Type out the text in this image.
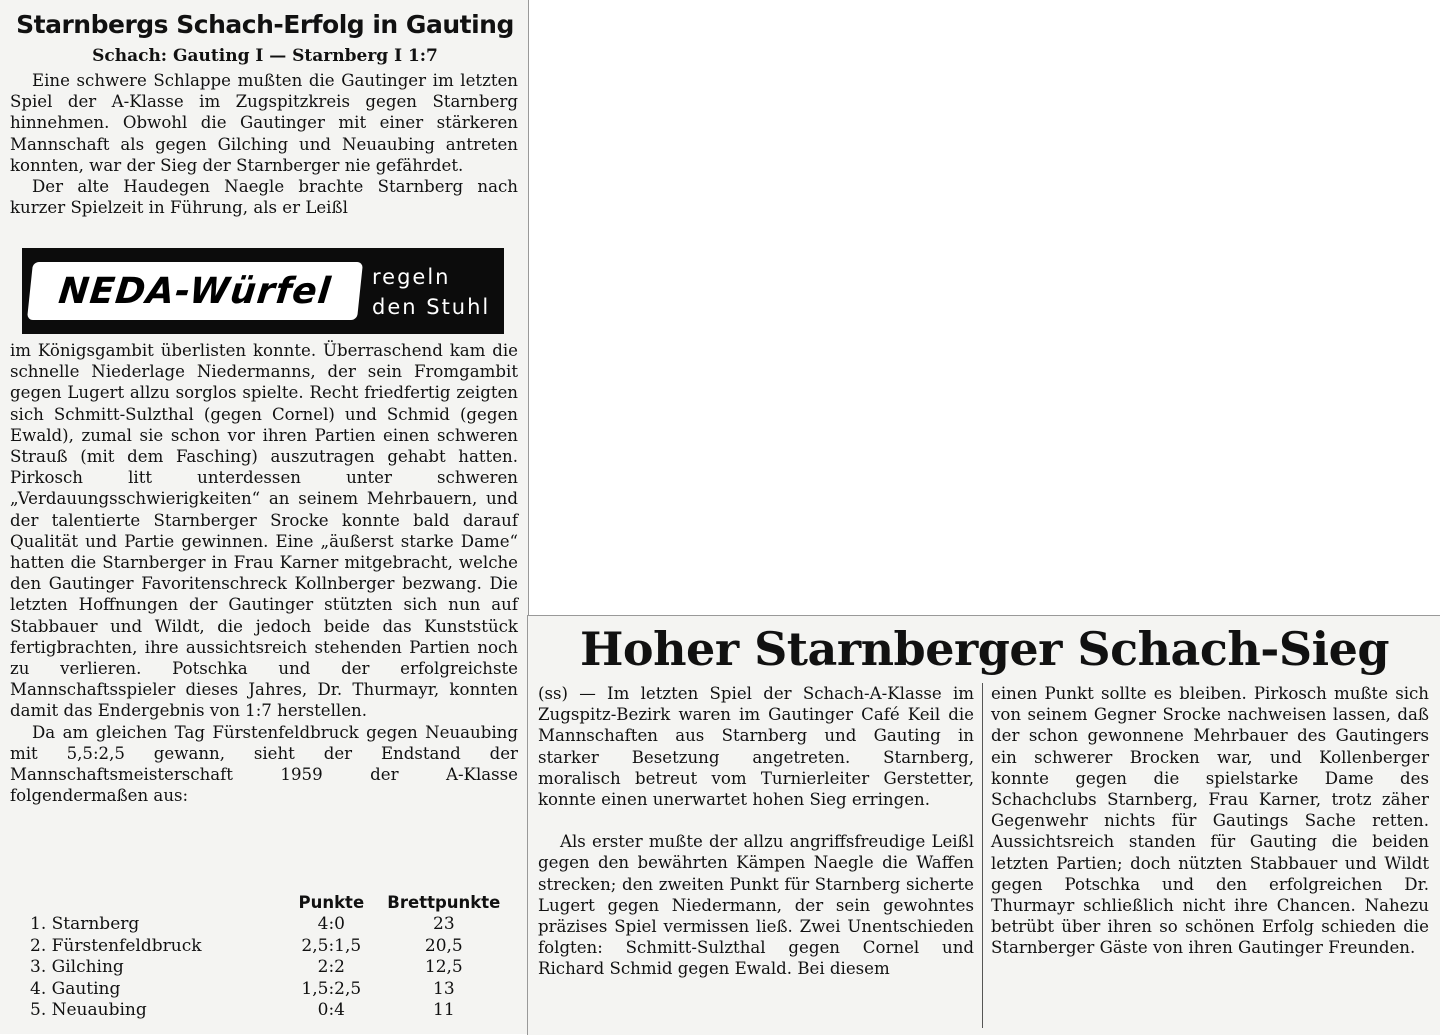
Starnbergs Schach-Erfolg in Gauting
Schach: Gauting I — Starnberg I 1:7

Eine schwere Schlappe mußten die Gautinger im letzten Spiel der A-Klasse im Zugspitzkreis gegen Starnberg hinnehmen. Obwohl die Gautinger mit einer stärkeren Mannschaft als gegen Gilching und Neuaubing antreten konnten, war der Sieg der Starnberger nie gefährdet.

Der alte Haudegen Naegle brachte Starnberg nach kurzer Spielzeit in Führung, als er Leißl

NEDA-Würfel	regeln
den Stuhl

im Königsgambit überlisten konnte. Überraschend kam die schnelle Niederlage Niedermanns, der sein Fromgambit gegen Lugert allzu sorglos spielte. Recht friedfertig zeigten sich Schmitt-Sulzthal (gegen Cornel) und Schmid (gegen Ewald), zumal sie schon vor ihren Partien einen schweren Strauß (mit dem Fasching) auszutragen gehabt hatten. Pirkosch litt unterdessen unter schweren „Verdauungsschwierigkeiten“ an seinem Mehrbauern, und der talentierte Starnberger Srocke konnte bald darauf Qualität und Partie gewinnen. Eine „äußerst starke Dame“ hatten die Starnberger in Frau Karner mitgebracht, welche den Gautinger Favoritenschreck Kollnberger bezwang. Die letzten Hoffnungen der Gautinger stützten sich nun auf Stabbauer und Wildt, die jedoch beide das Kunststück fertigbrachten, ihre aussichtsreich stehenden Partien noch zu verlieren. Potschka und der erfolgreichste Mannschaftsspieler dieses Jahres, Dr. Thurmayr, konnten damit das Endergebnis von 1:7 herstellen.

Da am gleichen Tag Fürstenfeldbruck gegen Neuaubing mit 5,5:2,5 gewann, sieht der Endstand der Mannschaftsmeisterschaft 1959 der A-Klasse folgendermaßen aus:

	Punkte	Brettpunkte
1. Starnberg	4:0	23
2. Fürstenfeldbruck	2,5:1,5	20,5
3. Gilching	2:2	12,5
4. Gauting	1,5:2,5	13
5. Neuaubing	0:4	11
Hoher Starnberger Schach-Sieg

(ss) — Im letzten Spiel der Schach-A-Klasse im Zugspitz-Bezirk waren im Gautinger Café Keil die Mannschaften aus Starnberg und Gauting in starker Besetzung angetreten. Starnberg, moralisch betreut vom Turnierleiter Gerstetter, konnte einen unerwartet hohen Sieg erringen.

Als erster mußte der allzu angriffsfreudige Leißl gegen den bewährten Kämpen Naegle die Waffen strecken; den zweiten Punkt für Starnberg sicherte Lugert gegen Niedermann, der sein gewohntes präzises Spiel vermissen ließ. Zwei Unentschieden folgten: Schmitt-Sulzthal gegen Cornel und Richard Schmid gegen Ewald. Bei diesem

einen Punkt sollte es bleiben. Pirkosch mußte sich von seinem Gegner Srocke nachweisen lassen, daß der schon gewonnene Mehrbauer des Gautingers ein schwerer Brocken war, und Kollenberger konnte gegen die spielstarke Dame des Schachclubs Starnberg, Frau Karner, trotz zäher Gegenwehr nichts für Gautings Sache retten. Aussichtsreich standen für Gauting die beiden letzten Partien; doch nützten Stabbauer und Wildt gegen Potschka und den erfolgreichen Dr. Thurmayr schließlich nicht ihre Chancen. Nahezu betrübt über ihren so schönen Erfolg schieden die Starnberger Gäste von ihren Gautinger Freunden.
